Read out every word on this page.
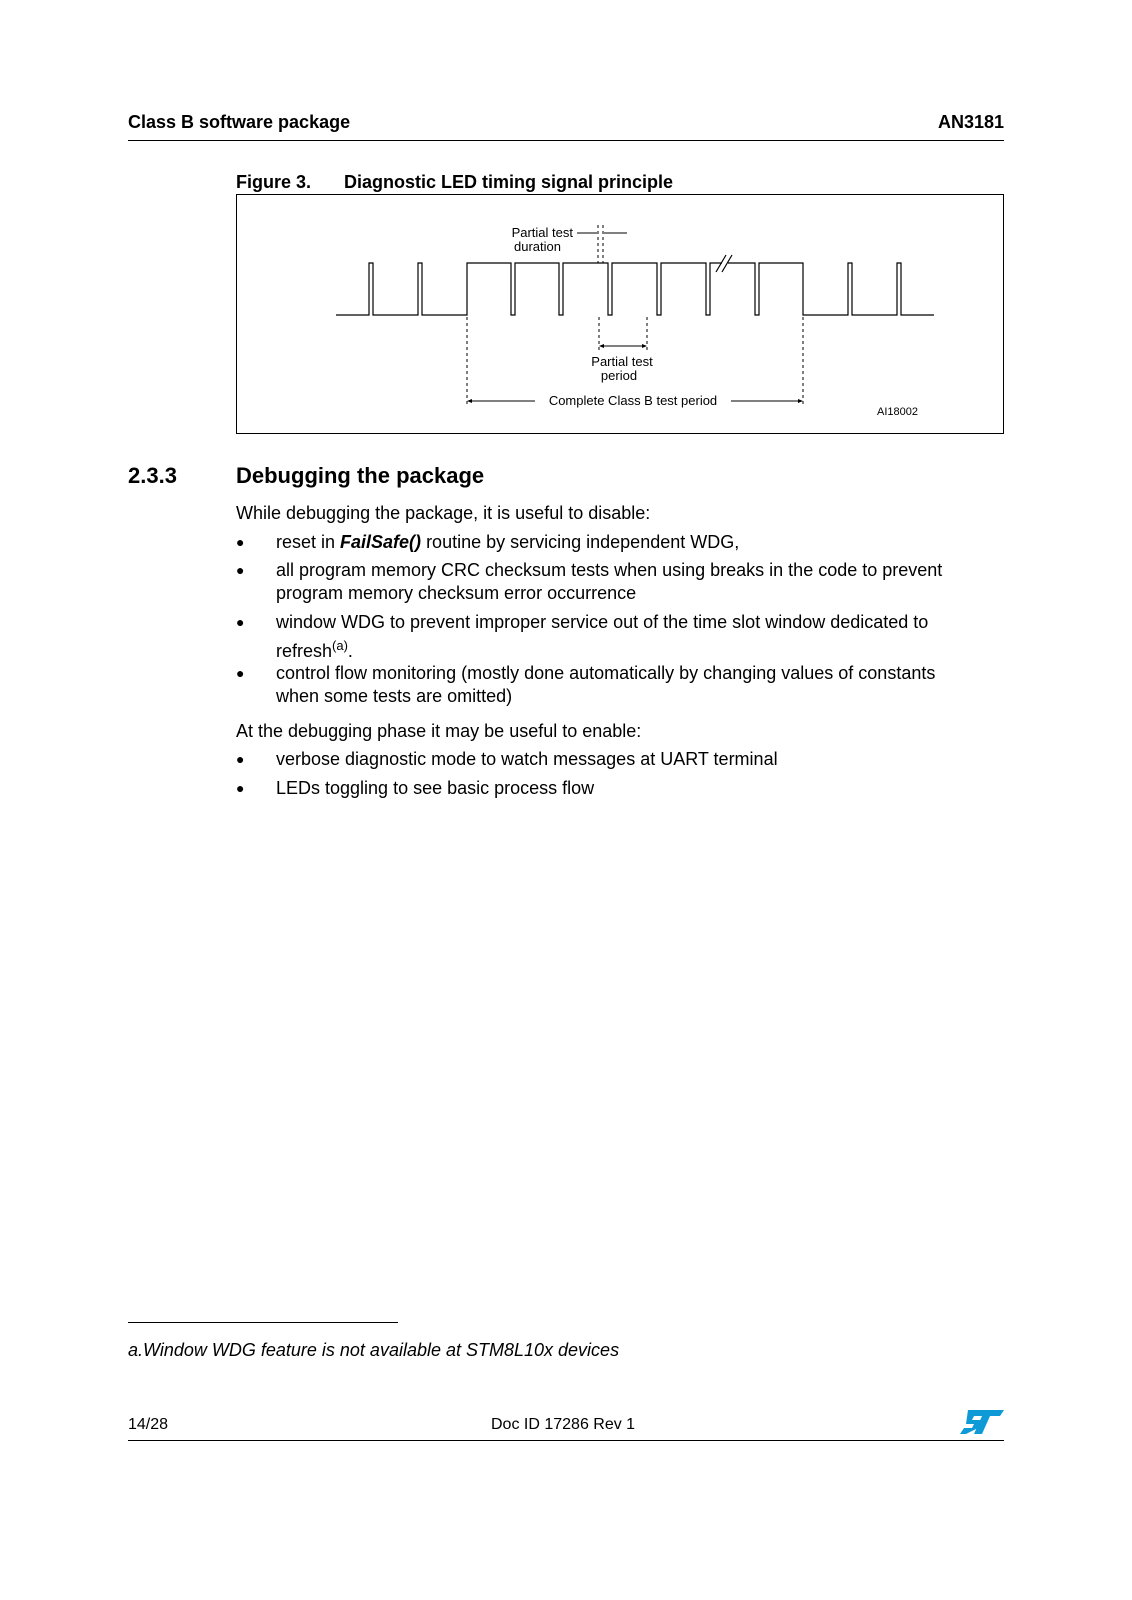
Class B software package	AN3181
Figure 3. Diagnostic LED timing signal principle
Partial test
duration
Partial test
period
Complete Class B test period
AI18002
2.3.3	Debugging the package
While debugging the package, it is useful to disable:
● reset in FailSafe() routine by servicing independent WDG,
● all program memory CRC checksum tests when using breaks in the code to prevent
program memory checksum error occurrence
● window WDG to prevent improper service out of the time slot window dedicated to
refresh$^{(a)}$.
● control flow monitoring (mostly done automatically by changing values of constants
when some tests are omitted)
At the debugging phase it may be useful to enable:
● verbose diagnostic mode to watch messages at UART terminal
● LEDs toggling to see basic process flow
a.Window WDG feature is not available at STM8L10x devices
14/28	Doc ID 17286 Rev 1
ST
